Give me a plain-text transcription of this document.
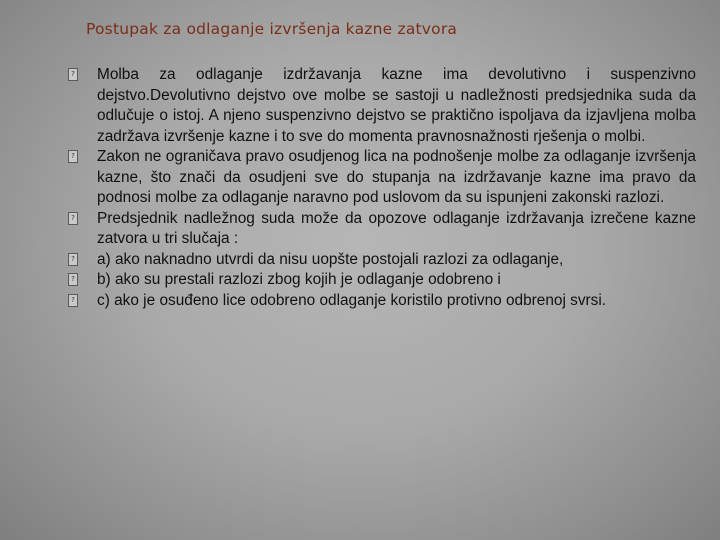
Postupak za odlaganje izvršenja kazne zatvora
? Molba za odlaganje izdržavanja kazne ima devolutivno i suspenzivno dejstvo.Devolutivno dejstvo ove molbe se sastoji u nadležnosti predsjednika suda da odlučuje o istoj. A njeno suspenzivno dejstvo se praktično ispoljava da izjavljena molba zadržava izvršenje kazne i to sve do momenta pravnosnažnosti rješenja o molbi.
? Zakon ne ograničava pravo osudjenog lica na podnošenje molbe za odlaganje izvršenja kazne, što znači da osudjeni sve do stupanja na izdržavanje kazne ima pravo da podnosi molbe za odlaganje naravno pod uslovom da su ispunjeni zakonski razlozi.
? Predsjednik nadležnog suda može da opozove odlaganje izdržavanja izrečene kazne zatvora u tri slučaja :
? a) ako naknadno utvrdi da nisu uopšte postojali razlozi za odlaganje,
? b) ako su prestali razlozi zbog kojih je odlaganje odobreno i
? c) ako je osuđeno lice odobreno odlaganje koristilo protivno odbrenoj svrsi.
